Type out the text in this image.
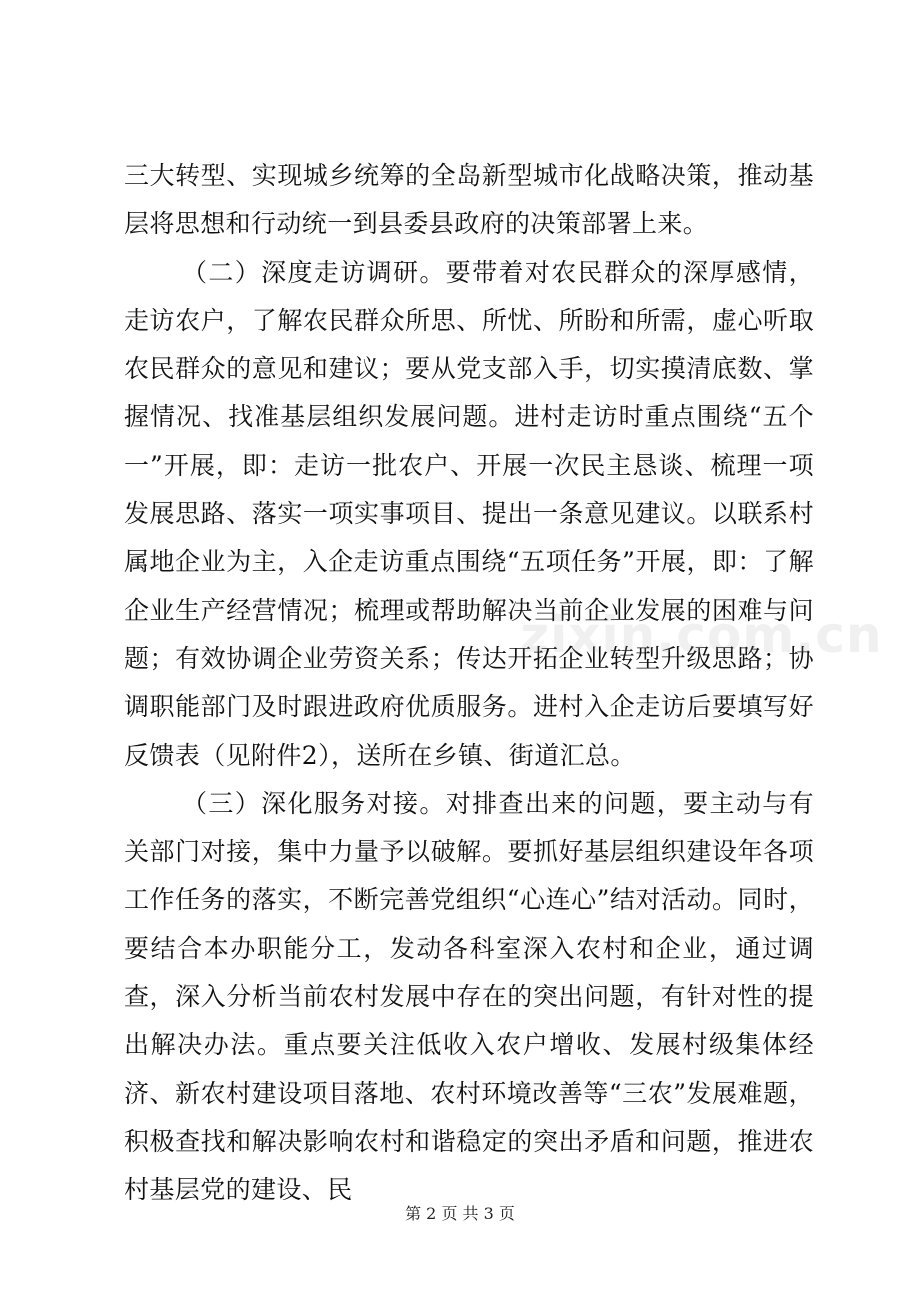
三大转型、实现城乡统筹的全岛新型城市化战略决策，推动基层将思想和行动统一到县委县政府的决策部署上来。

（二）深度走访调研。要带着对农民群众的深厚感情，走访农户，了解农民群众所思、所忧、所盼和所需，虚心听取农民群众的意见和建议；要从党支部入手，切实摸清底数、掌握情况、找准基层组织发展问题。进村走访时重点围绕“五个一”开展，即：走访一批农户、开展一次民主恳谈、梳理一项发展思路、落实一项实事项目、提出一条意见建议。以联系村属地企业为主，入企走访重点围绕“五项任务”开展，即：了解企业生产经营情况；梳理或帮助解决当前企业发展的困难与问题；有效协调企业劳资关系；传达开拓企业转型升级思路；协调职能部门及时跟进政府优质服务。进村入企走访后要填写好反馈表（见附件2），送所在乡镇、街道汇总。

（三）深化服务对接。对排查出来的问题，要主动与有关部门对接，集中力量予以破解。要抓好基层组织建设年各项工作任务的落实，不断完善党组织“心连心”结对活动。同时，要结合本办职能分工，发动各科室深入农村和企业，通过调查，深入分析当前农村发展中存在的突出问题，有针对性的提出解决办法。重点要关注低收入农户增收、发展村级集体经济、新农村建设项目落地、农村环境改善等“三农”发展难题，积极查找和解决影响农村和谐稳定的突出矛盾和问题，推进农村基层党的建设、民

zixin.com.cn
第 2 页 共 3 页
